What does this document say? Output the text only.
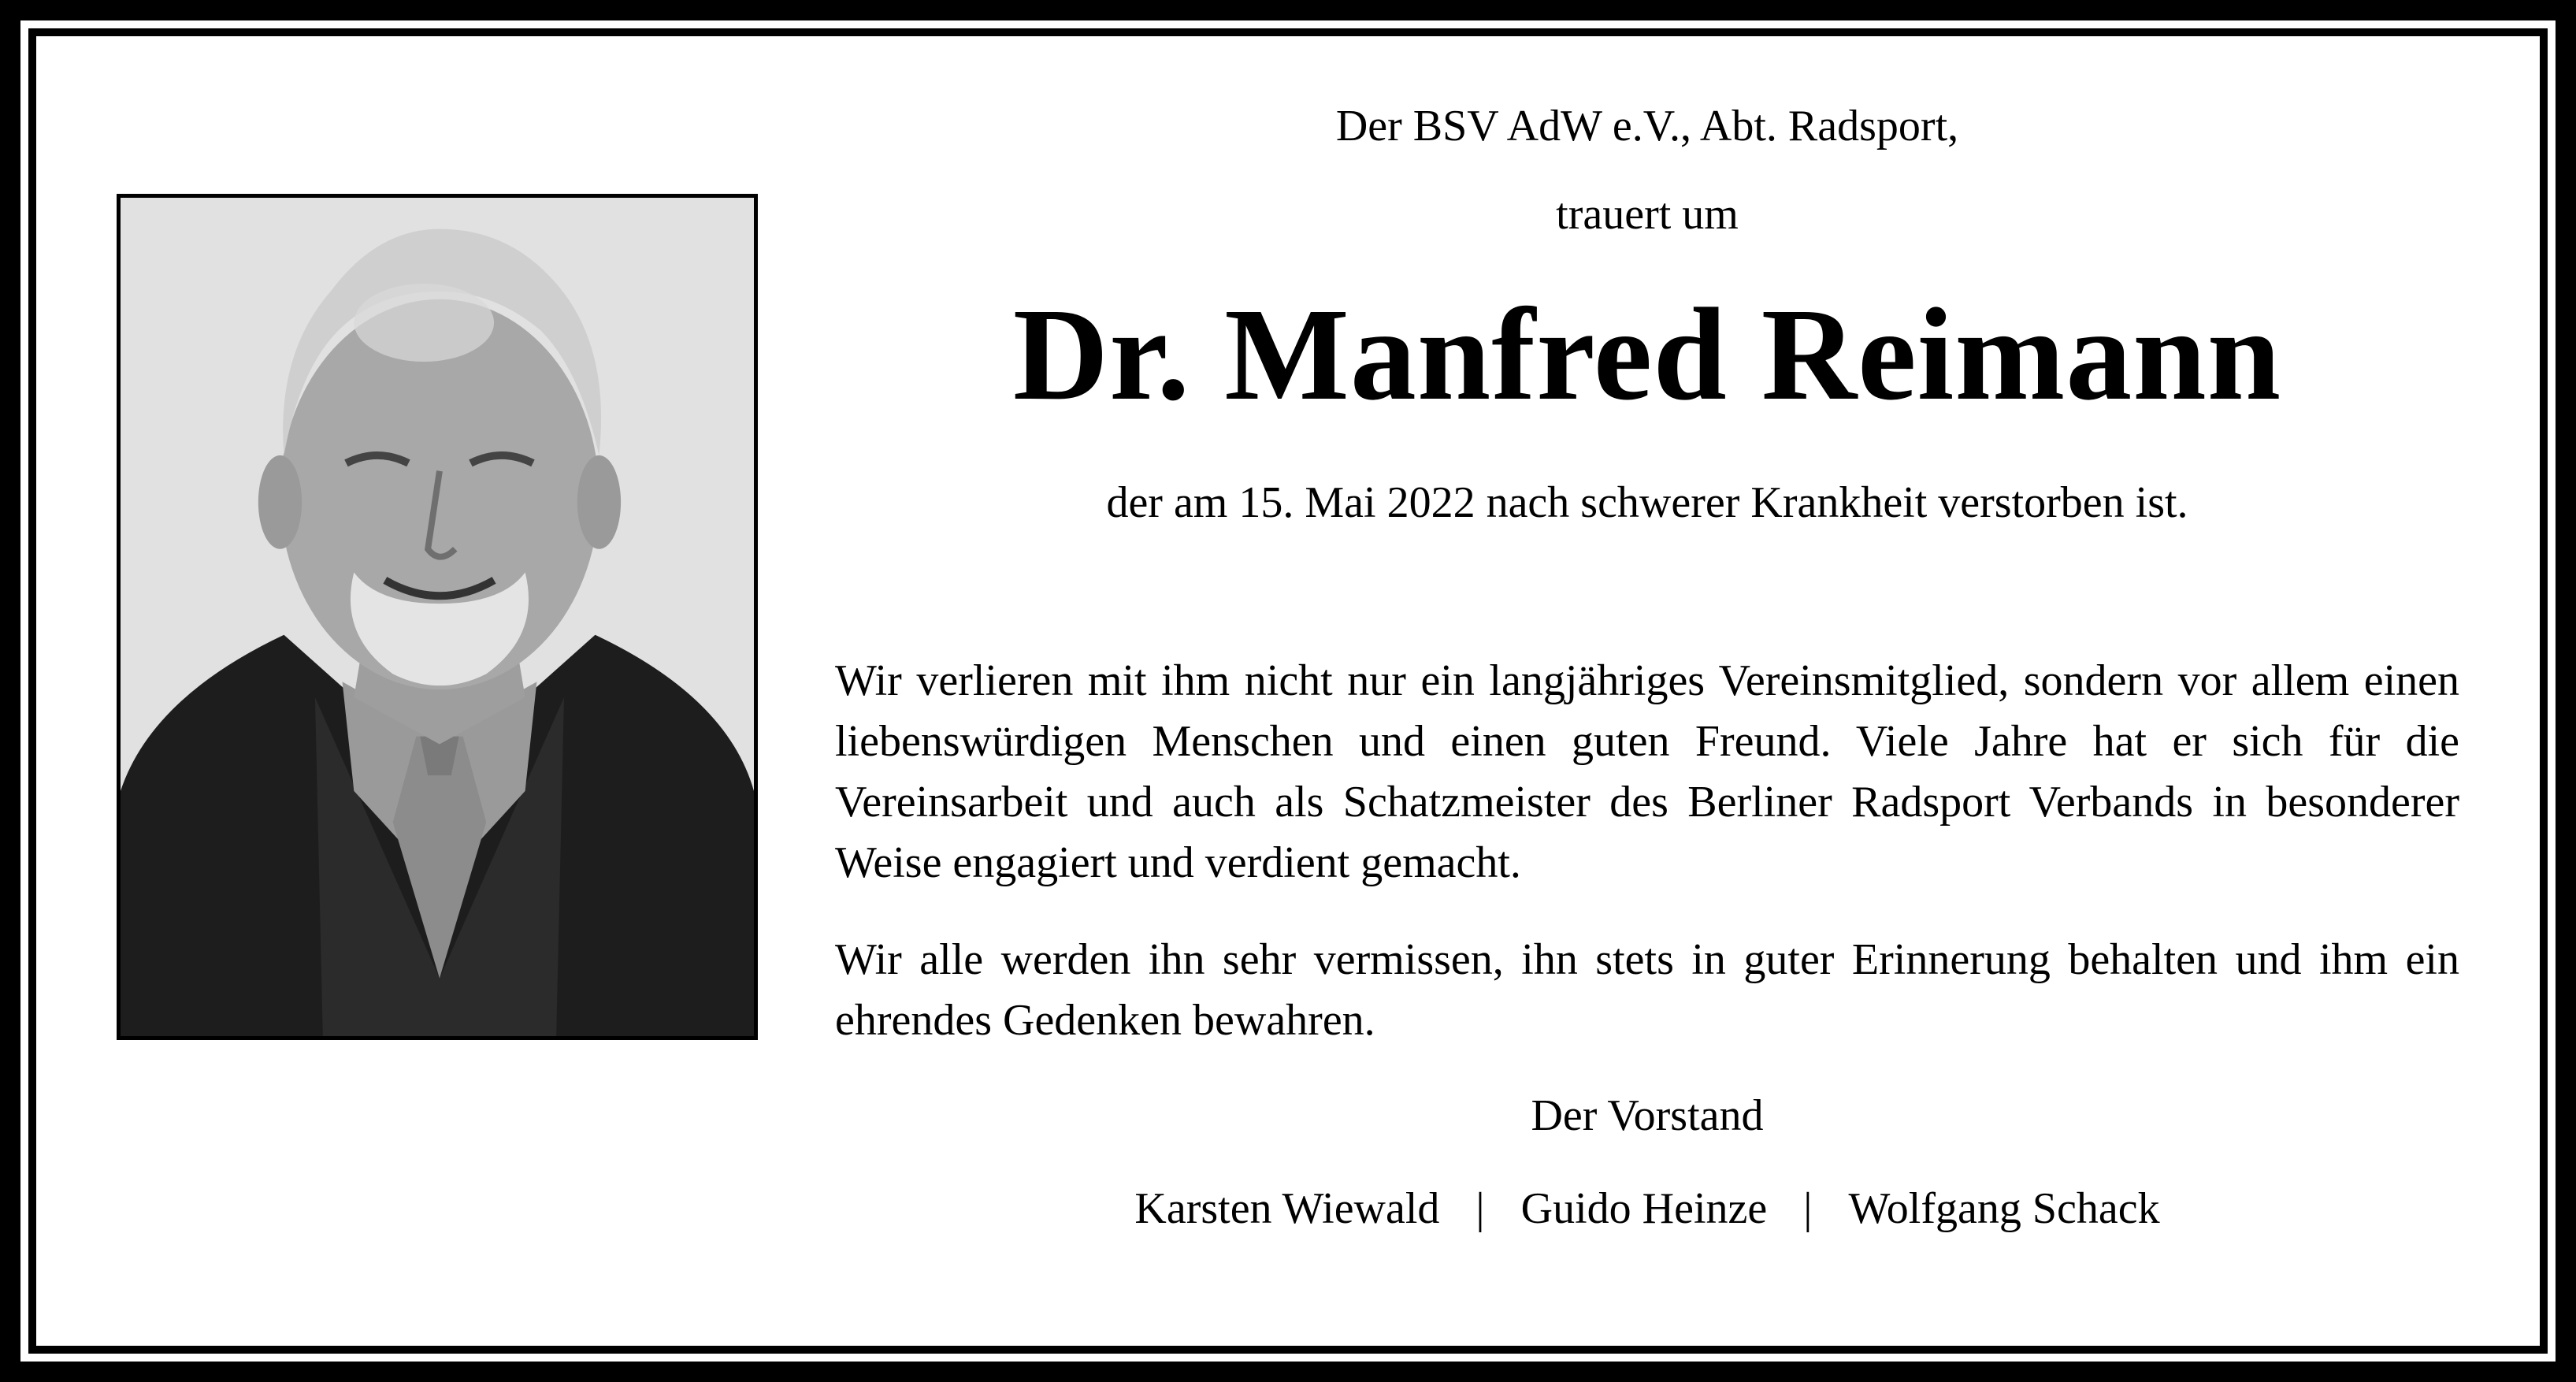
Der BSV AdW e.V., Abt. Radsport,
trauert um
Dr. Manfred Reimann
der am 15. Mai 2022 nach schwerer Krankheit verstorben ist.
Wir verlieren mit ihm nicht nur ein langjähriges Vereinsmitglied, sondern vor allem einen liebenswürdigen Menschen und einen guten Freund. Viele Jahre hat er sich für die Vereinsarbeit und auch als Schatzmeister des Berliner Radsport Verbands in besonderer Weise engagiert und verdient gemacht.
Wir alle werden ihn sehr vermissen, ihn stets in guter Erinnerung behalten und ihm ein ehrendes Gedenken bewahren.
Der Vorstand
Karsten Wiewald | Guido Heinze | Wolfgang Schack
